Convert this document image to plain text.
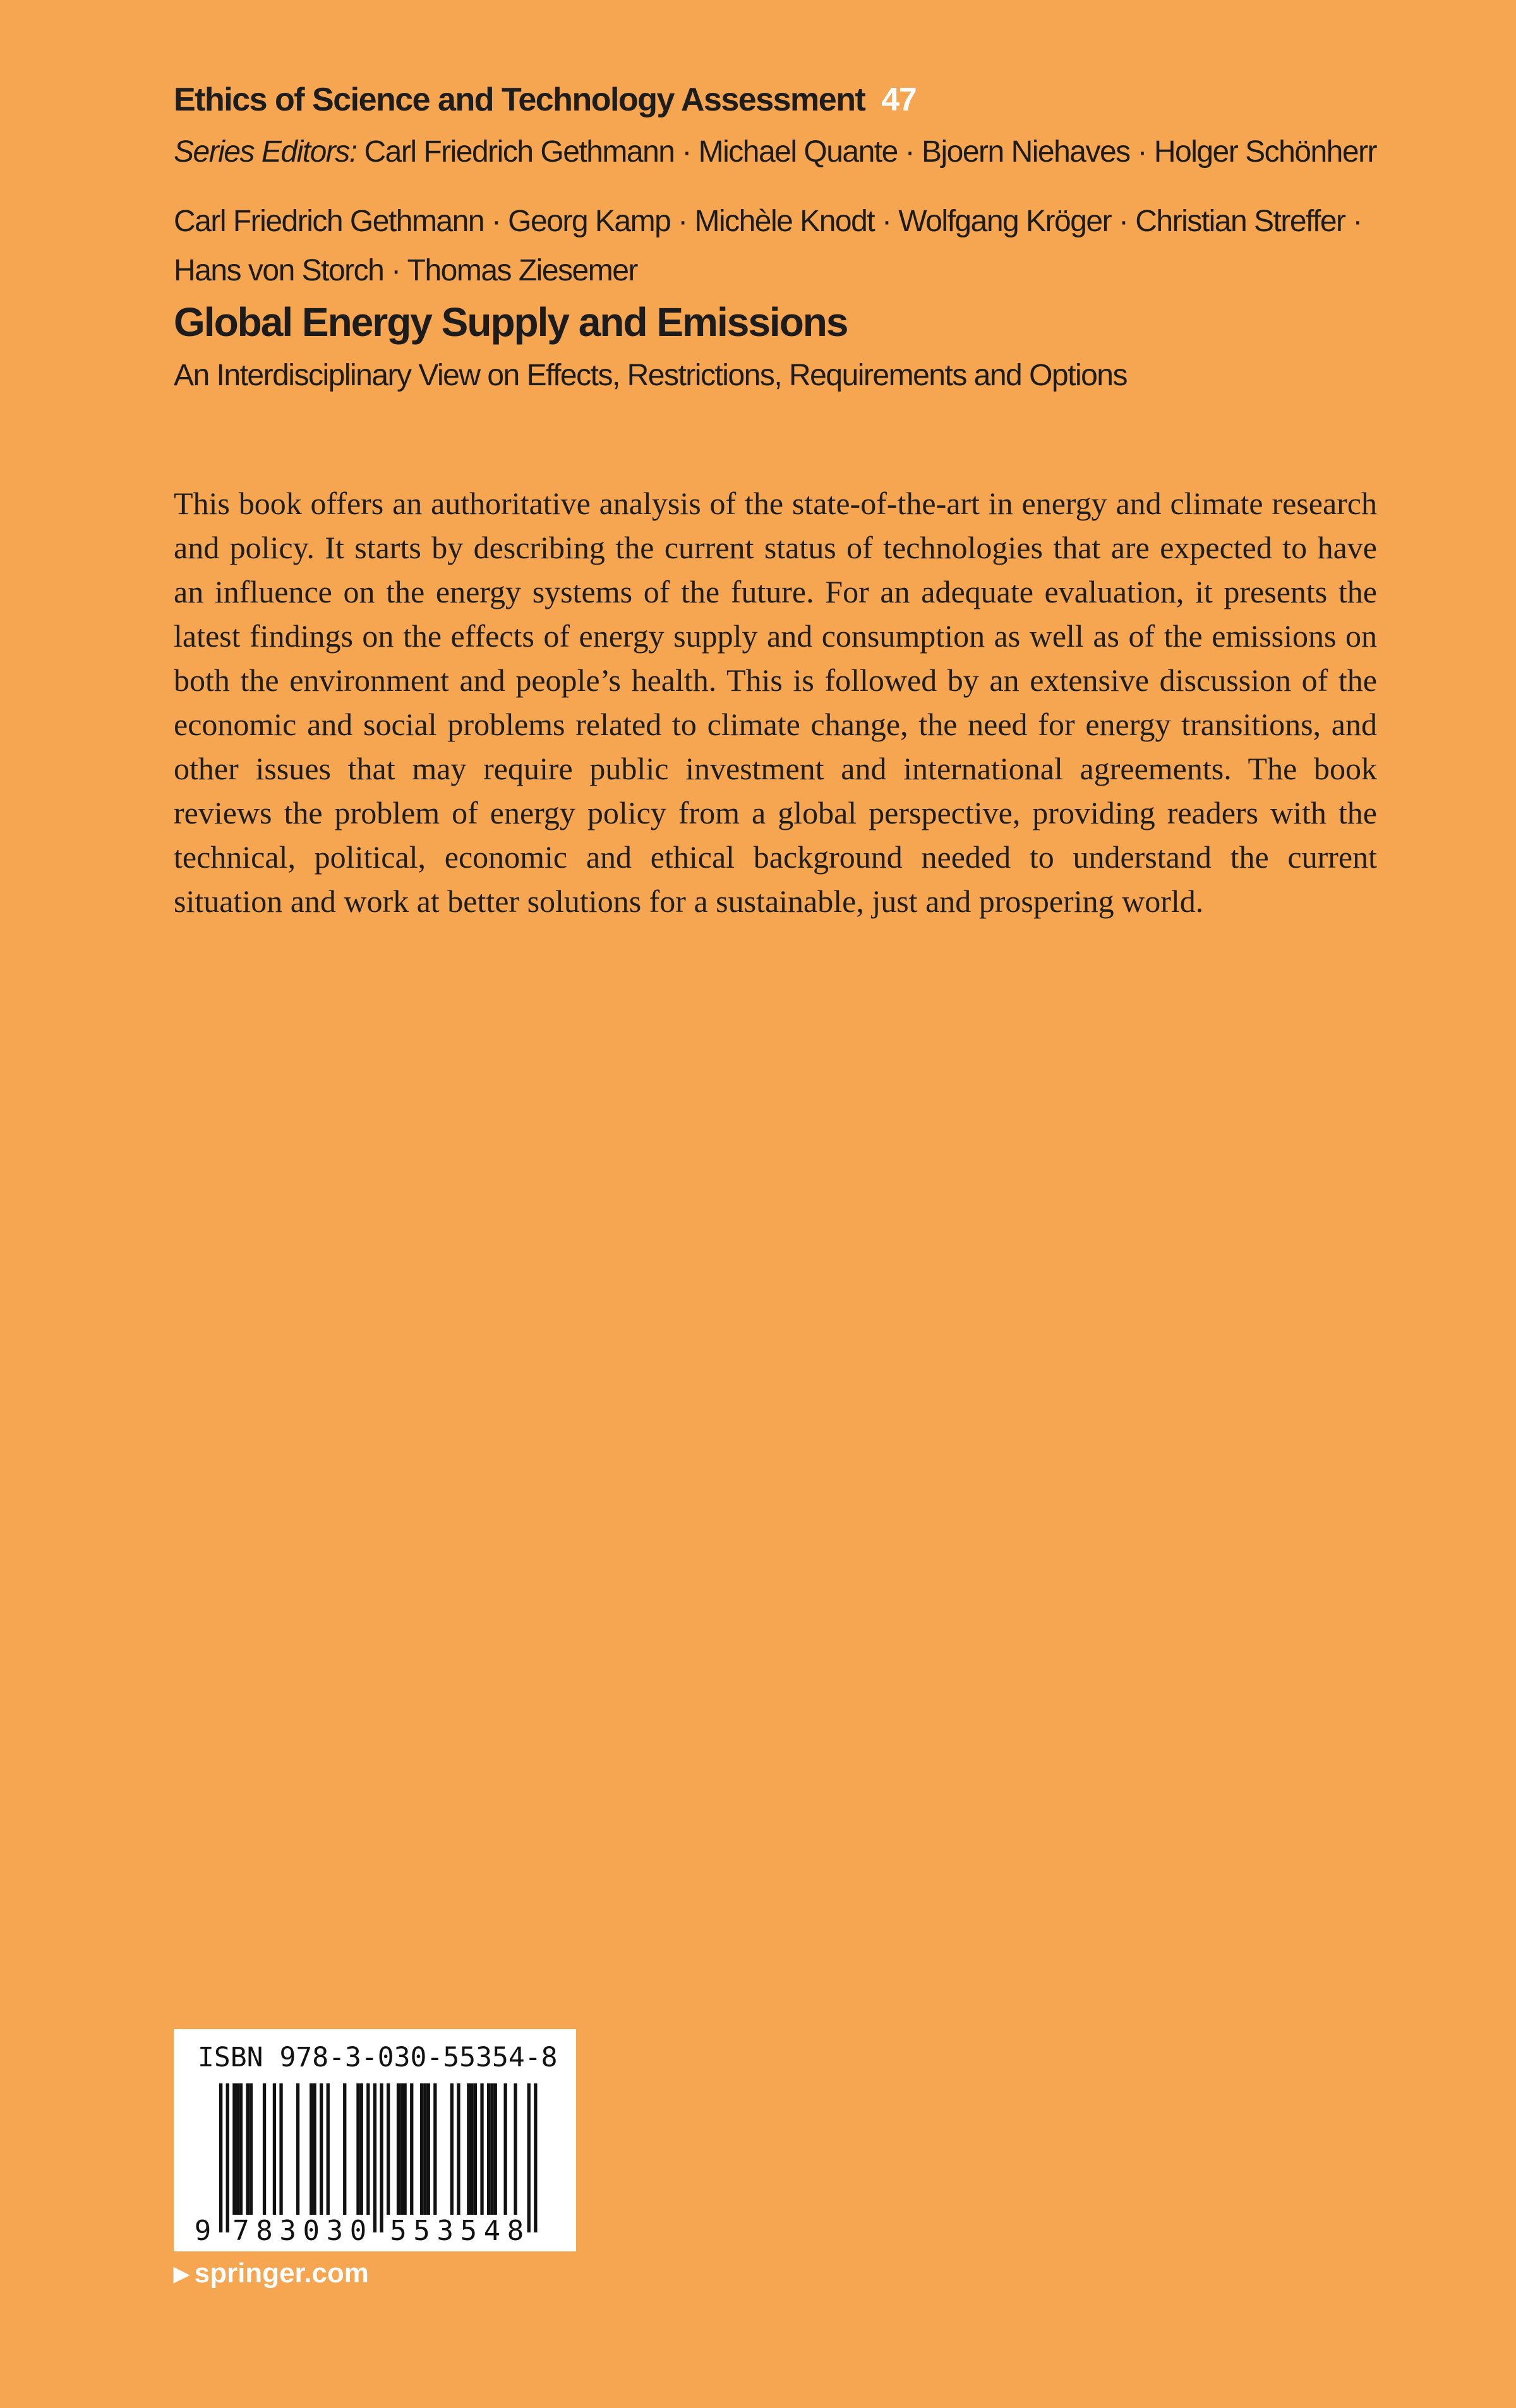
Ethics of Science and Technology Assessment 47
Series Editors: Carl Friedrich Gethmann · Michael Quante · Bjoern Niehaves · Holger Schönherr
Carl Friedrich Gethmann · Georg Kamp · Michèle Knodt · Wolfgang Kröger · Christian Streffer ·
Hans von Storch · Thomas Ziesemer
Global Energy Supply and Emissions
An Interdisciplinary View on Effects, Restrictions, Requirements and Options

This book offers an authoritative analysis of the state-of-the-art in energy and climate research and policy. It starts by describing the current status of technologies that are expected to have an influence on the energy systems of the future. For an adequate evaluation, it presents the latest findings on the effects of energy supply and consumption as well as of the emissions on both the environment and people’s health. This is followed by an extensive discussion of the economic and social problems related to climate change, the need for energy transitions, and other issues that may require public investment and international agreements. The book reviews the problem of energy policy from a global perspective, providing readers with the technical, political, economic and ethical background needed to understand the current situation and work at better solutions for a sustainable, just and prospering world.

ISBN 978-3-030-55354-8
9 7 8 3 0 3 0 5 5 3 5 4 8
▶ springer.com
